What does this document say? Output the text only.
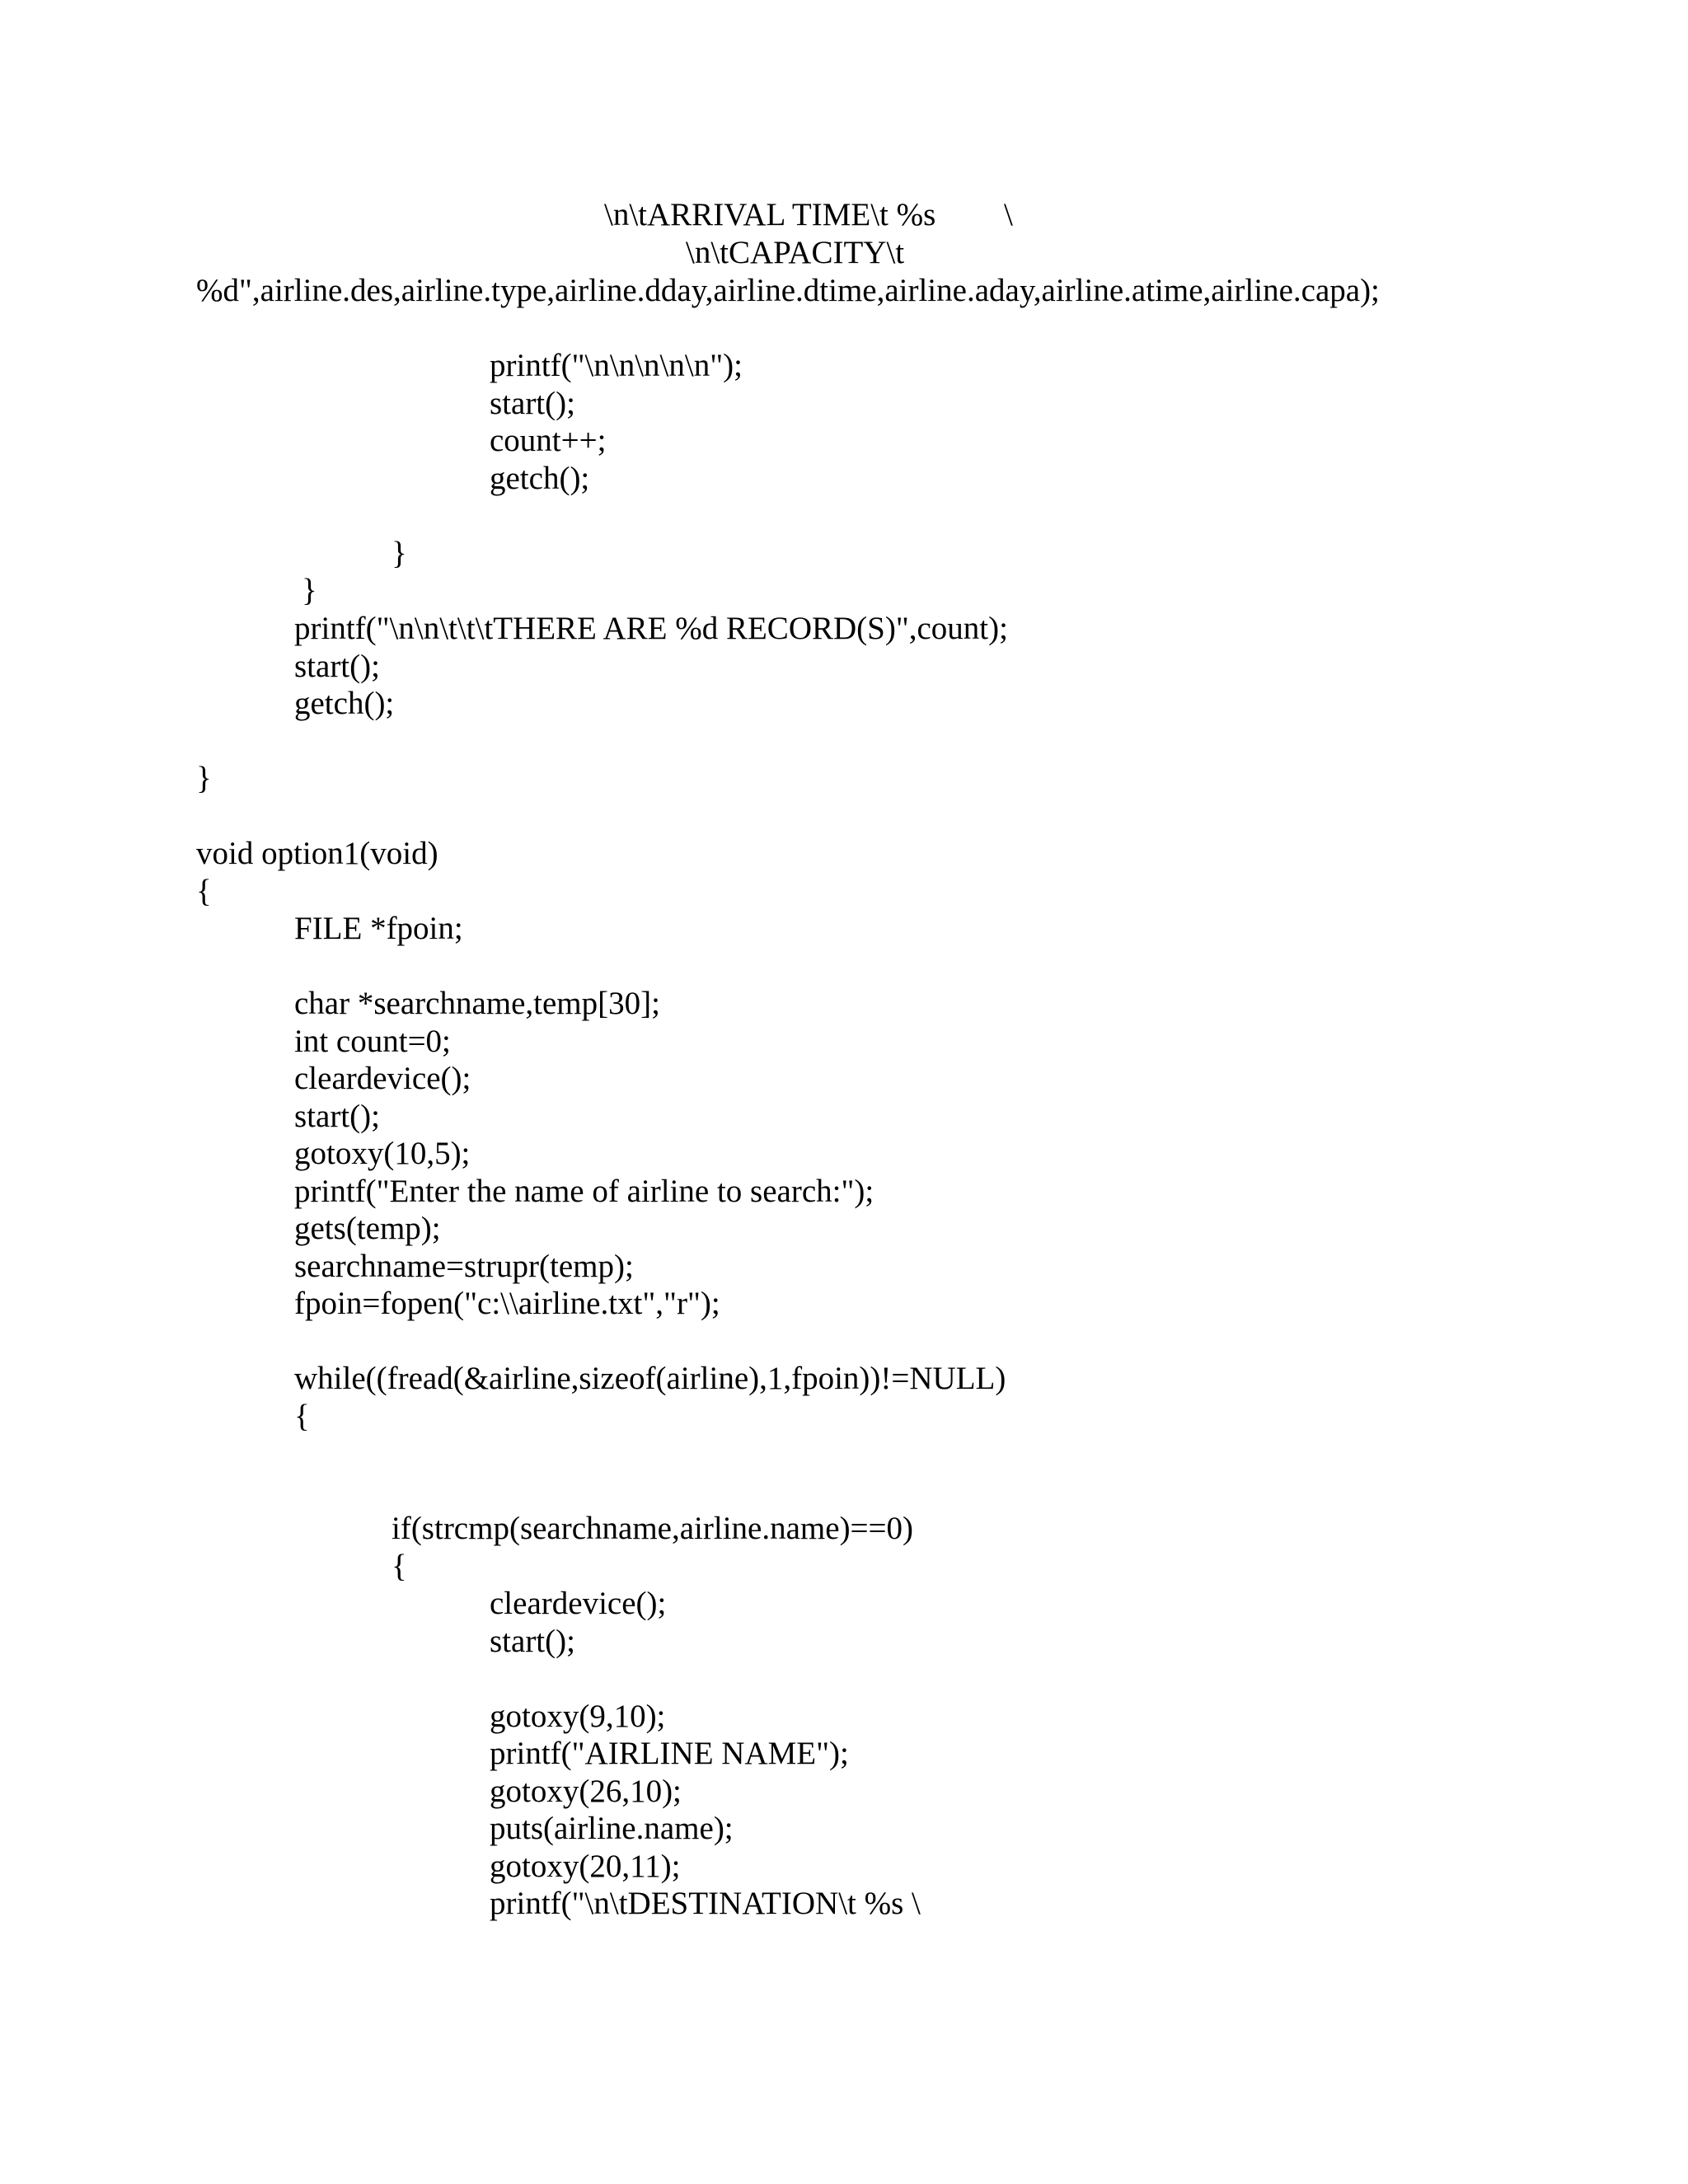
\n\tARRIVAL TIME\t %s \
\n\tCAPACITY\t
%d",airline.des,airline.type,airline.dday,airline.dtime,airline.aday,airline.atime,airline.capa);
printf("\n\n\n\n\n");
start();
count++;
getch();
}
}
printf("\n\n\t\t\tTHERE ARE %d RECORD(S)",count);
start();
getch();
}
void option1(void)
{
FILE *fpoin;
char *searchname,temp[30];
int count=0;
cleardevice();
start();
gotoxy(10,5);
printf("Enter the name of airline to search:");
gets(temp);
searchname=strupr(temp);
fpoin=fopen("c:\\airline.txt","r");
while((fread(&airline,sizeof(airline),1,fpoin))!=NULL)
{
if(strcmp(searchname,airline.name)==0)
{
cleardevice();
start();
gotoxy(9,10);
printf("AIRLINE NAME");
gotoxy(26,10);
puts(airline.name);
gotoxy(20,11);
printf("\n\tDESTINATION\t %s \
